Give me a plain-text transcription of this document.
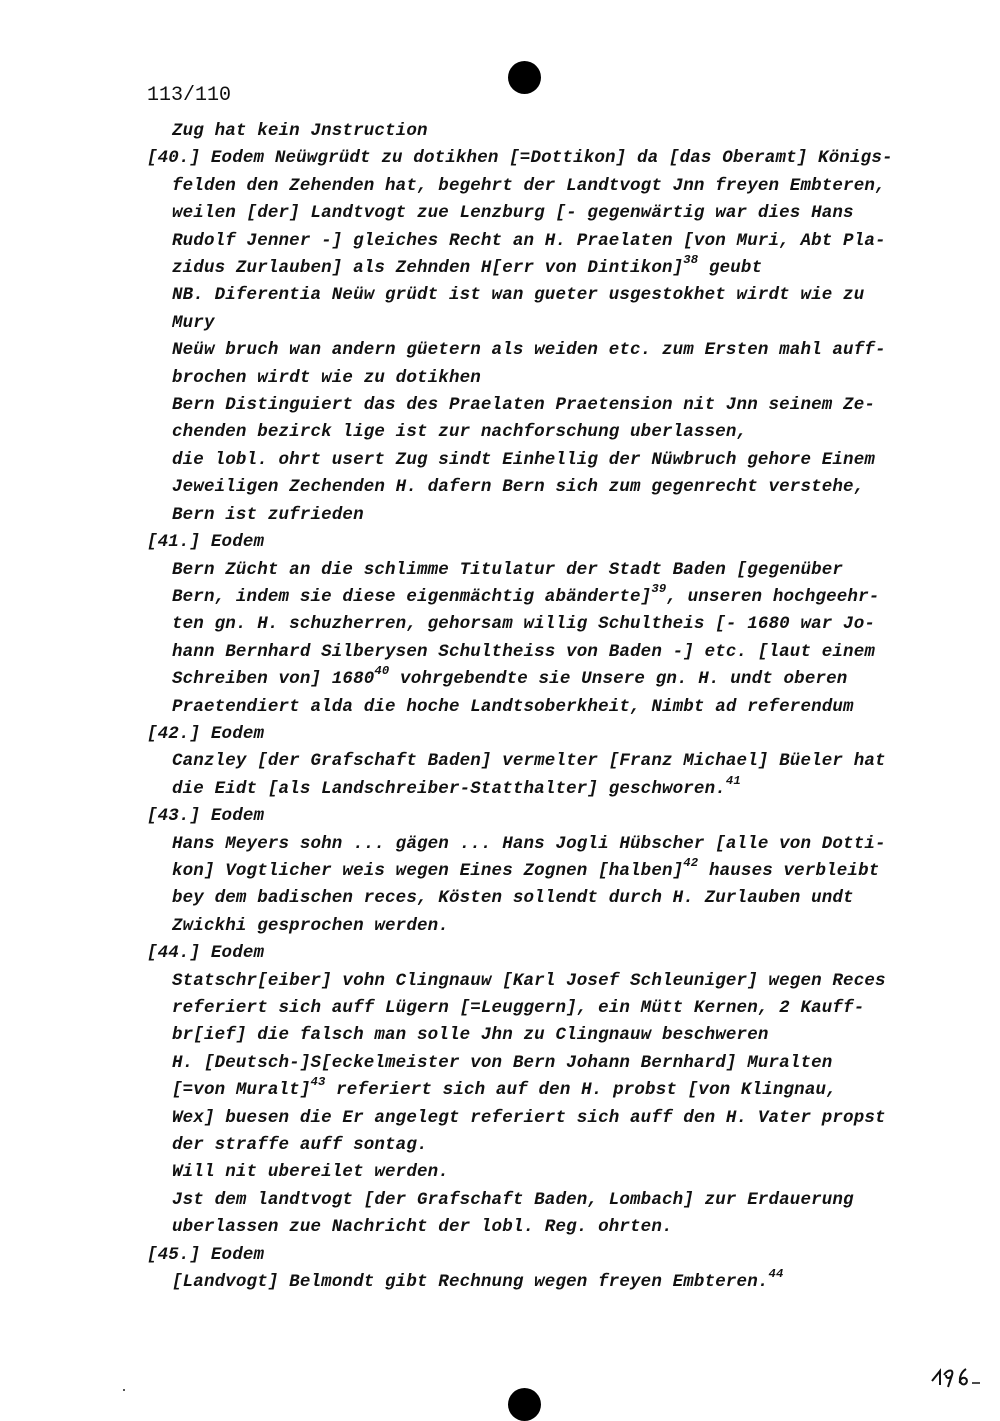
113/110
Zug hat kein Jnstruction
[40.] Eodem Neüwgrüdt zu dotikhen [=Dottikon] da [das Oberamt] Königs-
felden den Zehenden hat, begehrt der Landtvogt Jnn freyen Embteren,
weilen [der] Landtvogt zue Lenzburg [- gegenwärtig war dies Hans
Rudolf Jenner -] gleiches Recht an H. Praelaten [von Muri, Abt Pla-
zidus Zurlauben] als Zehnden H[err von Dintikon]$^{38}$ geubt
NB. Diferentia Neüw grüdt ist wan gueter usgestokhet wirdt wie zu
Mury
Neüw bruch wan andern güetern als weiden etc. zum Ersten mahl auff-
brochen wirdt wie zu dotikhen
Bern Distinguiert das des Praelaten Praetension nit Jnn seinem Ze-
chenden bezirck lige ist zur nachforschung uberlassen,
die lobl. ohrt usert Zug sindt Einhellig der Nüwbruch gehore Einem
Jeweiligen Zechenden H. dafern Bern sich zum gegenrecht verstehe,
Bern ist zufrieden
[41.] Eodem
Bern Zücht an die schlimme Titulatur der Stadt Baden [gegenüber
Bern, indem sie diese eigenmächtig abänderte]$^{39}$, unseren hochgeehr-
ten gn. H. schuzherren, gehorsam willig Schultheis [- 1680 war Jo-
hann Bernhard Silberysen Schultheiss von Baden -] etc. [laut einem
Schreiben von] 1680$^{40}$ vohrgebendte sie Unsere gn. H. undt oberen
Praetendiert alda die hoche Landtsoberkheit, Nimbt ad referendum
[42.] Eodem
Canzley [der Grafschaft Baden] vermelter [Franz Michael] Büeler hat
die Eidt [als Landschreiber-Statthalter] geschworen.$^{41}$
[43.] Eodem
Hans Meyers sohn ... gägen ... Hans Jogli Hübscher [alle von Dotti-
kon] Vogtlicher weis wegen Eines Zognen [halben]$^{42}$ hauses verbleibt
bey dem badischen reces, Kösten sollendt durch H. Zurlauben undt
Zwickhi gesprochen werden.
[44.] Eodem
Statschr[eiber] vohn Clingnauw [Karl Josef Schleuniger] wegen Reces
referiert sich auff Lügern [=Leuggern], ein Mütt Kernen, 2 Kauff-
br[ief] die falsch man solle Jhn zu Clingnauw beschweren
H. [Deutsch-]S[eckelmeister von Bern Johann Bernhard] Muralten
[=von Muralt]$^{43}$ referiert sich auf den H. probst [von Klingnau,
Wex] buesen die Er angelegt referiert sich auff den H. Vater propst
der straffe auff sontag.
Will nit ubereilet werden.
Jst dem landtvogt [der Grafschaft Baden, Lombach] zur Erdauerung
uberlassen zue Nachricht der lobl. Reg. ohrten.
[45.] Eodem
[Landvogt] Belmondt gibt Rechnung wegen freyen Embteren.$^{44}$
